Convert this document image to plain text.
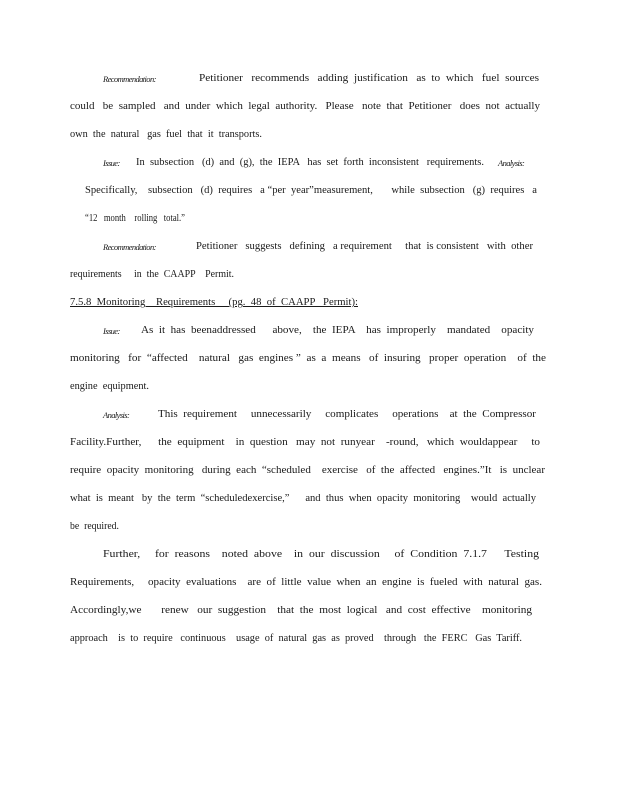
Recommendation:	Petitioner   recommends   adding  justification   as  to  which   fuel  sources
could   be  sampled   and  under  which  legal  authority.   Please   note  that  Petitioner   does  not  actually
own  the  natural   gas  fuel  that  it  transports.
Issue: In  subsection   (d)  and  (g),  the  IEPA   has  set  forth  inconsistent   requirements. Analysis:
Specifically,    subsection   (d)  requires   a “per  year”measurement,       while  subsection   (g)  requires   a
“12   month    rolling   total.”
Recommendation:	Petitioner   suggests   defining   a requirement     that  is consistent   with  other
requirements     in  the  CAAPP    Permit.
7.5.8  Monitoring    Requirements     (pg.  48  of  CAAPP   Permit):
Issue: As  it  has  beenaddressed      above,    the  IEPA    has  improperly    mandated    opacity
monitoring   for  “affected    natural   gas  engines ”  as  a  means   of  insuring   proper  operation    of  the
engine  equipment.
Analysis:	This  requirement     unnecessarily     complicates     operations    at  the  Compressor
Facility.Further,      the  equipment    in  question   may  not  runyear    -round,   which  wouldappear     to
require  opacity  monitoring   during  each  “scheduled    exercise   of  the  affected   engines.”It   is  unclear
what  is  meant   by  the  term  “scheduledexercise,”      and  thus  when  opacity  monitoring    would  actually
be  required.
Further,     for  reasons    noted  above    in  our  discussion     of  Condition  7.1.7      Testing
Requirements,     opacity  evaluations    are  of  little  value  when  an  engine  is  fueled  with  natural  gas.
Accordingly,we       renew   our  suggestion    that  the  most  logical   and  cost  effective    monitoring
approach    is  to  require   continuous    usage  of  natural  gas  as  proved    through   the  FERC   Gas  Tariff.
